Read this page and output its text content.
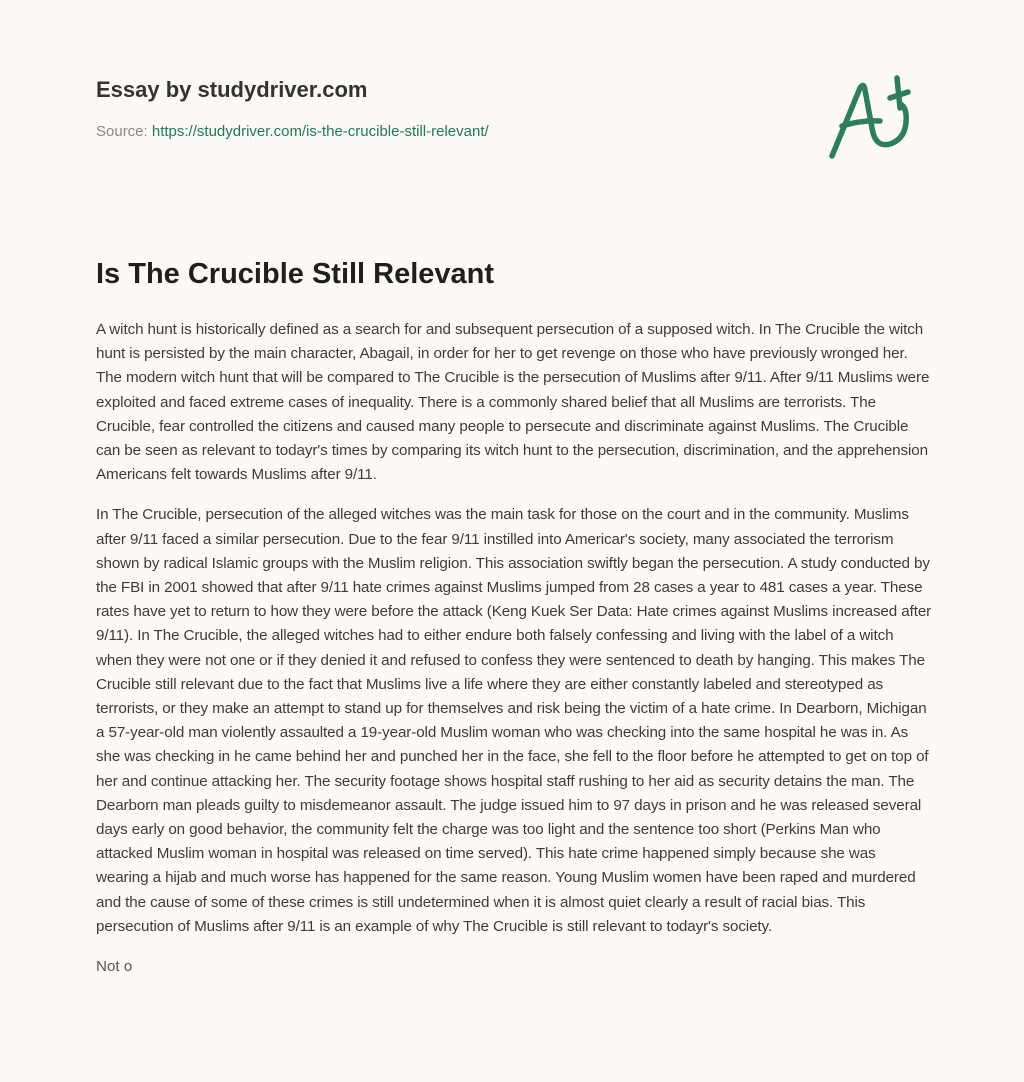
Essay by studydriver.com
Source: https://studydriver.com/is-the-crucible-still-relevant/
Is The Crucible Still Relevant

A witch hunt is historically defined as a search for and subsequent persecution of a supposed witch. In The Crucible the witch hunt is persisted by the main character, Abagail, in order for her to get revenge on those who have previously wronged her. The modern witch hunt that will be compared to The Crucible is the persecution of Muslims after 9/11. After 9/11 Muslims were exploited and faced extreme cases of inequality. There is a commonly shared belief that all Muslims are terrorists. The Crucible, fear controlled the citizens and caused many people to persecute and discriminate against Muslims. The Crucible can be seen as relevant to todayr's times by comparing its witch hunt to the persecution, discrimination, and the apprehension Americans felt towards Muslims after 9/11.

In The Crucible, persecution of the alleged witches was the main task for those on the court and in the community. Muslims after 9/11 faced a similar persecution. Due to the fear 9/11 instilled into Americar's society, many associated the terrorism shown by radical Islamic groups with the Muslim religion. This association swiftly began the persecution. A study conducted by the FBI in 2001 showed that after 9/11 hate crimes against Muslims jumped from 28 cases a year to 481 cases a year. These rates have yet to return to how they were before the attack (Keng Kuek Ser Data: Hate crimes against Muslims increased after 9/11). In The Crucible, the alleged witches had to either endure both falsely confessing and living with the label of a witch when they were not one or if they denied it and refused to confess they were sentenced to death by hanging. This makes The Crucible still relevant due to the fact that Muslims live a life where they are either constantly labeled and stereotyped as terrorists, or they make an attempt to stand up for themselves and risk being the victim of a hate crime. In Dearborn, Michigan a 57-year-old man violently assaulted a 19-year-old Muslim woman who was checking into the same hospital he was in. As she was checking in he came behind her and punched her in the face, she fell to the floor before he attempted to get on top of her and continue attacking her. The security footage shows hospital staff rushing to her aid as security detains the man. The Dearborn man pleads guilty to misdemeanor assault. The judge issued him to 97 days in prison and he was released several days early on good behavior, the community felt the charge was too light and the sentence too short (Perkins Man who attacked Muslim woman in hospital was released on time served). This hate crime happened simply because she was wearing a hijab and much worse has happened for the same reason. Young Muslim women have been raped and murdered and the cause of some of these crimes is still undetermined when it is almost quiet clearly a result of racial bias. This persecution of Muslims after 9/11 is an example of why The Crucible is still relevant to todayr's society.

Not o
